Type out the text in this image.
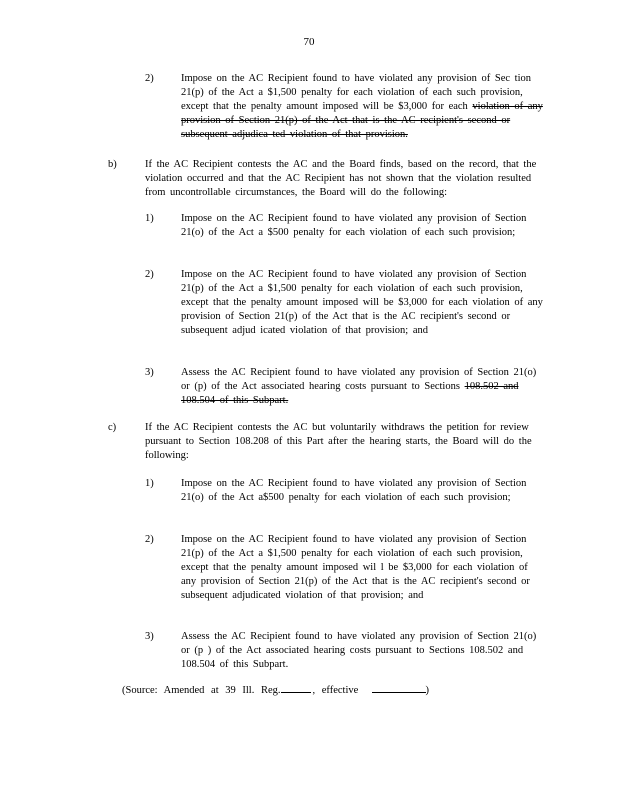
70
2)	Impose on the AC Recipient found to have violated any provision of Sec tion 21(p) of the Act a $1,500 penalty for each violation of each such provision, except that the penalty amount imposed will be $3,000 for each violation of any provision of Section 21(p) of the Act that is the AC recipient's second or subsequent adjudica ted violation of that provision.
b)	If the AC Recipient contests the AC and the Board finds, based on the record, that the violation occurred and that the AC Recipient has not shown that the violation resulted from uncontrollable circumstances, the Board will do the following:
1)	Impose on the AC Recipient found to have violated any provision of Section 21(o) of the Act a $500 penalty for each violation of each such provision;
2)	Impose on the AC Recipient found to have violated any provision of Section 21(p) of the Act a $1,500 penalty for each violation of each such provision, except that the penalty amount imposed will be $3,000 for each violation of any provision of Section 21(p) of the Act that is the AC recipient's second or subsequent adjud icated violation of that provision; and
3)	Assess the AC Recipient found to have violated any provision of Section 21(o) or (p) of the Act associated hearing costs pursuant to Sections 108.502 and 108.504 of this Subpart.
c)	If the AC Recipient contests the AC but voluntarily withdraws the petition for review pursuant to Section 108.208 of this Part after the hearing starts, the Board will do the following:
1)	Impose on the AC Recipient found to have violated any provision of Section 21(o) of the Act a$500 penalty for each violation of each such provision;
2)	Impose on the AC Recipient found to have violated any provision of Section 21(p) of the Act a $1,500 penalty for each violation of each such provision, except that the penalty amount imposed wil l be $3,000 for each violation of any provision of Section 21(p) of the Act that is the AC recipient's second or subsequent adjudicated violation of that provision; and
3)	Assess the AC Recipient found to have violated any provision of Section 21(o) or (p ) of the Act associated hearing costs pursuant to Sections 108.502 and 108.504 of this Subpart.
(Source: Amended at 39 Ill. Reg.	, effective	)
